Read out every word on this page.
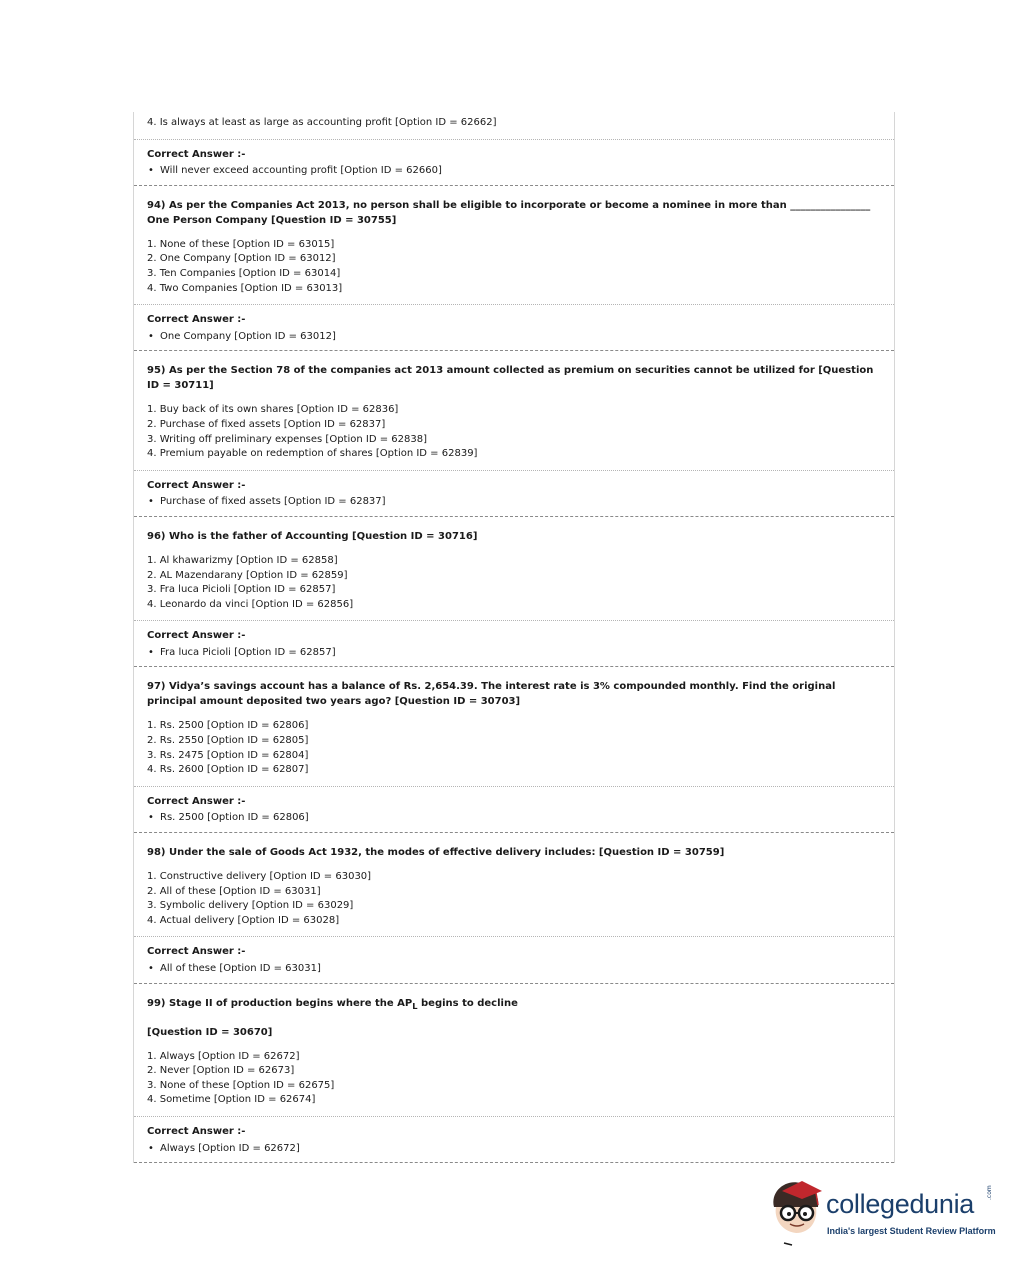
4. Is always at least as large as accounting profit [Option ID = 62662]
Correct Answer :-
• Will never exceed accounting profit [Option ID = 62660]
94) As per the Companies Act 2013, no person shall be eligible to incorporate or become a nominee in more than ________________ One Person Company [Question ID = 30755]
1. None of these [Option ID = 63015]
2. One Company [Option ID = 63012]
3. Ten Companies [Option ID = 63014]
4. Two Companies [Option ID = 63013]
Correct Answer :-
• One Company [Option ID = 63012]
95) As per the Section 78 of the companies act 2013 amount collected as premium on securities cannot be utilized for [Question ID = 30711]
1. Buy back of its own shares [Option ID = 62836]
2. Purchase of fixed assets [Option ID = 62837]
3. Writing off preliminary expenses [Option ID = 62838]
4. Premium payable on redemption of shares [Option ID = 62839]
Correct Answer :-
• Purchase of fixed assets [Option ID = 62837]
96) Who is the father of Accounting [Question ID = 30716]
1. Al khawarizmy [Option ID = 62858]
2. AL Mazendarany [Option ID = 62859]
3. Fra luca Picioli [Option ID = 62857]
4. Leonardo da vinci [Option ID = 62856]
Correct Answer :-
• Fra luca Picioli [Option ID = 62857]
97) Vidya’s savings account has a balance of Rs. 2,654.39. The interest rate is 3% compounded monthly. Find the original principal amount deposited two years ago? [Question ID = 30703]
1. Rs. 2500 [Option ID = 62806]
2. Rs. 2550 [Option ID = 62805]
3. Rs. 2475 [Option ID = 62804]
4. Rs. 2600 [Option ID = 62807]
Correct Answer :-
• Rs. 2500 [Option ID = 62806]
98) Under the sale of Goods Act 1932, the modes of effective delivery includes: [Question ID = 30759]
1. Constructive delivery [Option ID = 63030]
2. All of these [Option ID = 63031]
3. Symbolic delivery [Option ID = 63029]
4. Actual delivery [Option ID = 63028]
Correct Answer :-
• All of these [Option ID = 63031]
99) Stage II of production begins where the $AP_L$ begins to decline
[Question ID = 30670]
1. Always [Option ID = 62672]
2. Never [Option ID = 62673]
3. None of these [Option ID = 62675]
4. Sometime [Option ID = 62674]
Correct Answer :-
• Always [Option ID = 62672]
collegedunia .com
India's largest Student Review Platform
